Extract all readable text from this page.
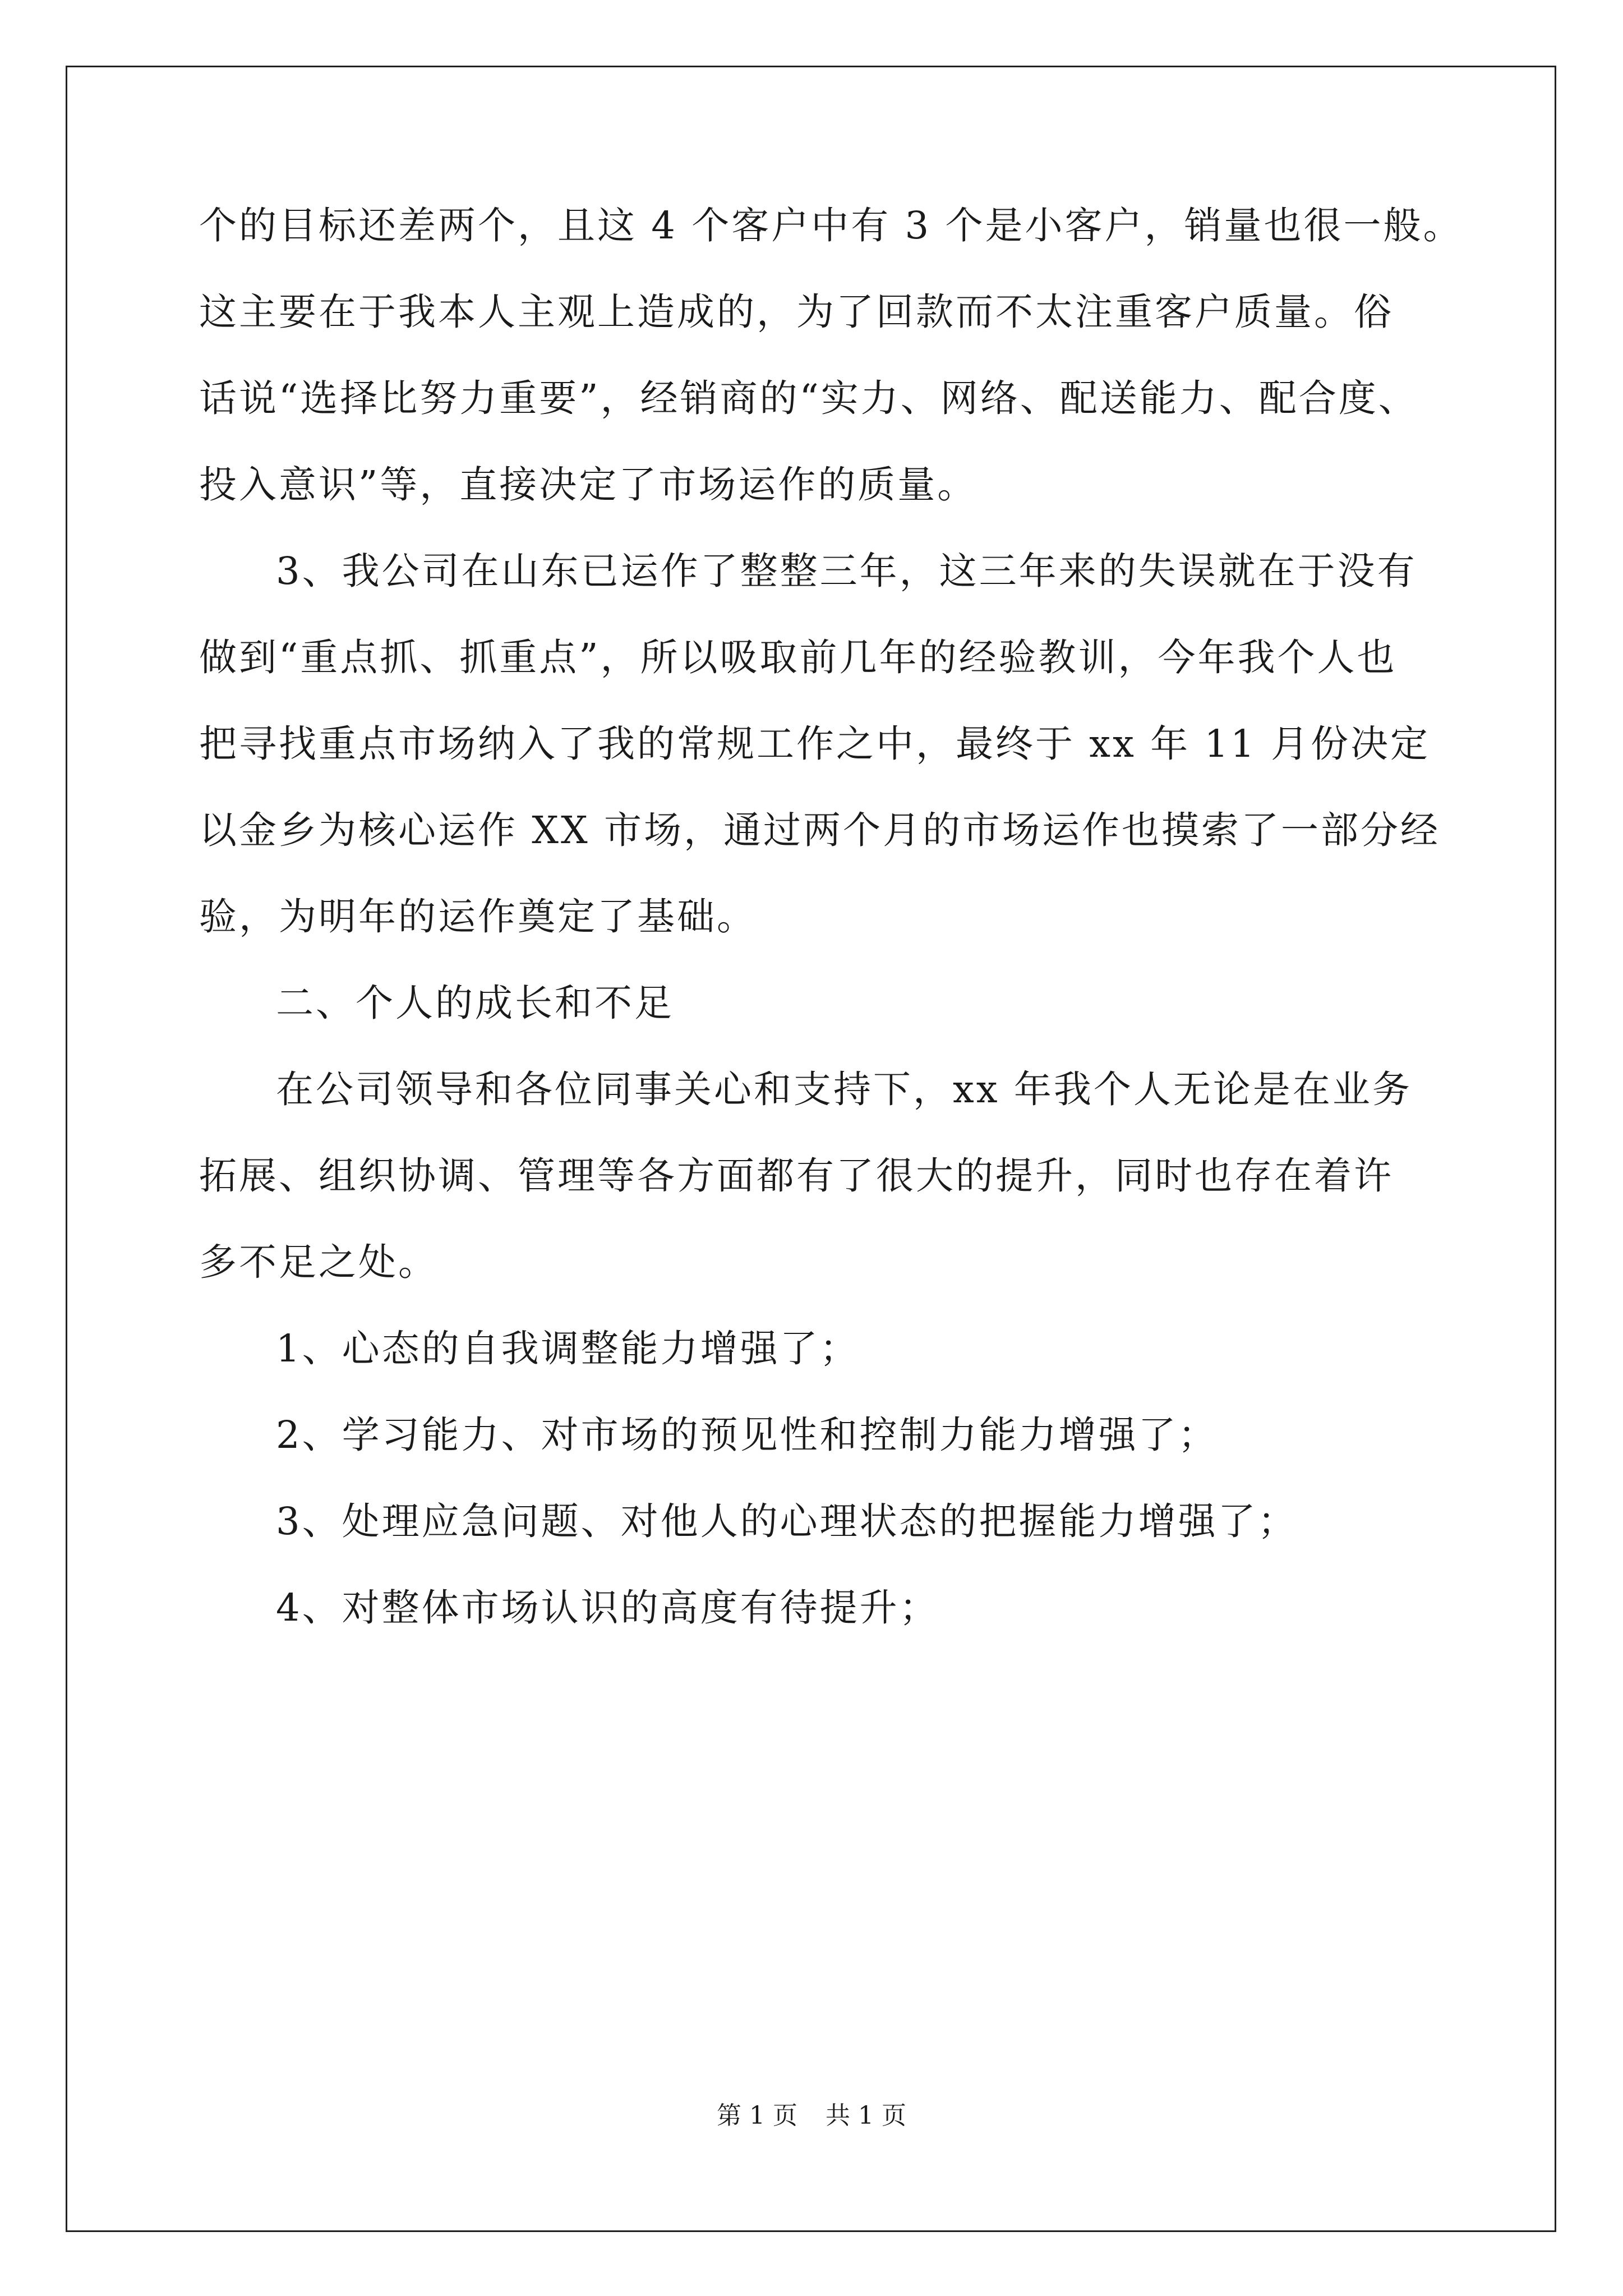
个的目标还差两个，且这 4 个客户中有 3 个是小客户，销量也很一般。
这主要在于我本人主观上造成的，为了回款而不太注重客户质量。俗
话说“选择比努力重要”，经销商的“实力、网络、配送能力、配合度、
投入意识”等，直接决定了市场运作的质量。
3、我公司在山东已运作了整整三年，这三年来的失误就在于没有
做到“重点抓、抓重点”，所以吸取前几年的经验教训，今年我个人也
把寻找重点市场纳入了我的常规工作之中，最终于 xx 年 11 月份决定
以金乡为核心运作 XX 市场，通过两个月的市场运作也摸索了一部分经
验，为明年的运作奠定了基础。
二、个人的成长和不足
在公司领导和各位同事关心和支持下，xx 年我个人无论是在业务
拓展、组织协调、管理等各方面都有了很大的提升，同时也存在着许
多不足之处。
1、心态的自我调整能力增强了；
2、学习能力、对市场的预见性和控制力能力增强了；
3、处理应急问题、对他人的心理状态的把握能力增强了；
4、对整体市场认识的高度有待提升；
第 1 页 共 1 页
